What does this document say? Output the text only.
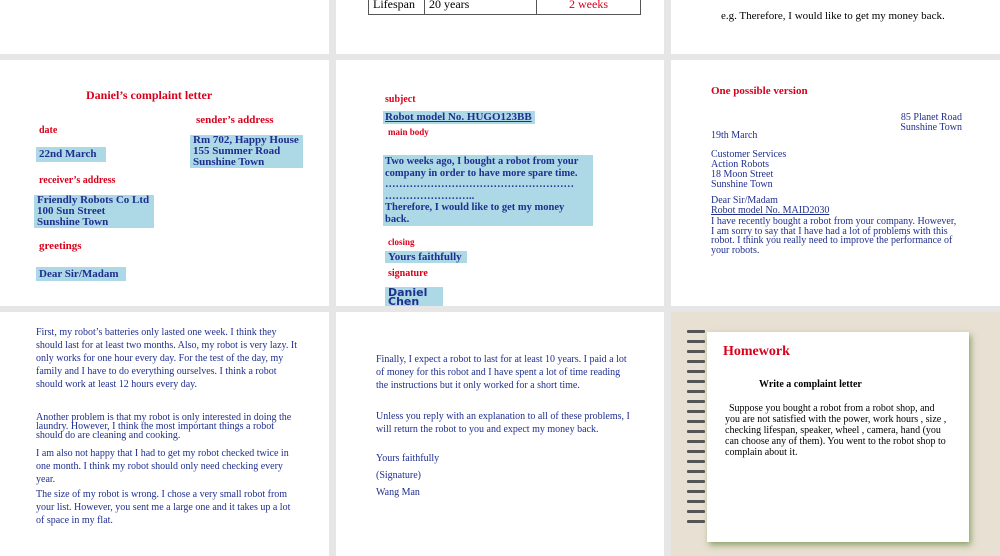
Lifespan	20 years	2 weeks
e.g. Therefore, I would like to get my money back.
Daniel’s complaint letter
sender’s address
Rm 702, Happy House
155 Summer Road
Sunshine Town
date
22nd March
receiver’s address
Friendly Robots Co Ltd
100 Sun Street
Sunshine Town
greetings
Dear Sir/Madam
subject
Robot model No. HUGO123BB
main body
Two weeks ago, I bought a robot from your company in order to have more spare time.
………………………………………………
……………………..
Therefore, I would like to get my money back.
closing
Yours faithfully
signature
Daniel
Chen
One possible version
85 Planet Road
Sunshine Town
19th March
Customer Services
Action Robots
18 Moon Street
Sunshine Town
Dear Sir/Madam
Robot model No. MAID2030
I have recently bought a robot from your company. However, I am sorry to say that I have had a lot of problems with this robot. I think you really need to improve the performance of your robots.
First, my robot’s batteries only lasted one week. I think they should last for at least two months. Also, my robot is very lazy. It only works for one hour every day. For the test of the day, my family and I have to do everything ourselves. I think a robot should work at least 12 hours every day.
Another problem is that my robot is only interested in doing the laundry. However, I think the most important things a robot should do are cleaning and cooking.
I am also not happy that I had to get my robot checked twice in one month. I think my robot should only need checking every year.
The size of my robot is wrong. I chose a very small robot from your list. However, you sent me a large one and it takes up a lot of space in my flat.
Finally, I expect a robot to last for at least 10 years. I paid a lot of money for this robot and I have spent a lot of time reading the instructions but it only worked for a short time.
Unless you reply with an explanation to all of these problems, I will return the robot to you and expect my money back.
Yours faithfully
(Signature)
Wang Man
Homework
Write a complaint letter
Suppose you bought a robot from a robot shop, and you are not satisfied with the power, work hours , size , checking lifespan, speaker, wheel , camera, hand (you can choose any of them). You went to the robot shop to complain about it.
